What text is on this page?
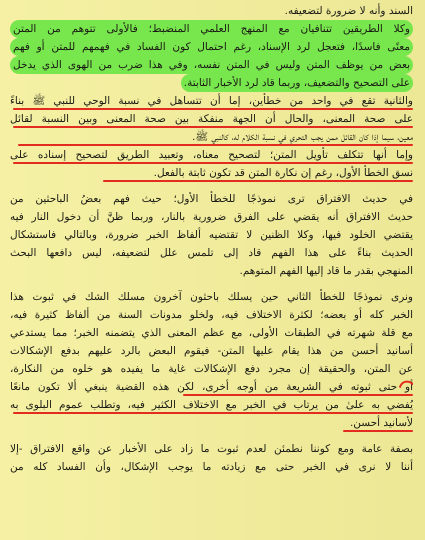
السند وأنه لا ضرورة لتضعيفه.
وكلا الطريقين تتنافيان مع المنهج العلمي المنضبط؛ فالأولى تتوهم من المتن
معنًى فاسدًا، فتعجل لرد الإسناد، رغم احتمال كون الفساد في فهمهم للمتن أو فهم
بعض من يوظف المتن وليس في المتن نفسه، وفي هذا ضرب من الهوى الذي يدخل
على التصحيح والتضعيف، وربما قاد لرد الأخبار الثابتة.
والثانية تقع في واحد من خطأين، إما أن تتساهل في نسبة الوحي للنبي ﷺ بناءً
على صحة المعنى، والحال أن الجهة منفكة بين صحة المعنى وبين النسبة لقائل
معين، سيما إذا كان القائل ممن يجب التحري في نسبة الكلام له، كالنبي ﷺ.
وإما أنها تتكلف تأويل المتن؛ لتصحيح معناه، وتعبيد الطريق لتصحيح إسناده على
نسق الخطأ الأول، رغم إن نكارة المتن قد تكون ثابتة بالفعل.
في حديث الافتراق ترى نموذجًا للخطأ الأول؛ حيث فهم بعضُ الباحثين من
حديث الافتراق أنه يقضي على الفرق ضرورية بالنار، وربما ظنَّ أن دخول النار فيه
يقتضي الخلود فيها، وكلا الظنين لا تقتضيه ألفاظ الخبر ضرورة، وبالتالي فاستشكال
الحديث بناءً على هذا الفهم قاد إلى تلمس علل لتضعيفه، ليس دافعها البحث
المنهجي بقدر ما قاد إليها الفهم المتوهم.
ونرى نموذجًا للخطأ الثاني حين يسلك باحثون آخرون مسلك الشك في ثبوت هذا
الخبر كله أو بعضه؛ لكثرة الاختلاف فيه، ولخلو مدونات السنة من ألفاظ كثيرة فيه،
مع قلة شهرته في الطبقات الأولى، مع عظم المعنى الذي يتضمنه الخبر؛ مما يستدعي
أسانيد أحسن من هذا يقام عليها المتن- فيقوم البعض بالرد عليهم بدفع الإشكالات
عن المتن، والحقيقة إن مجرد دفع الإشكالات غاية ما يفيده هو خلوه من النكارة،
أو حتى ثبوته في الشريعة من أوجه أخرى، لكن هذه القضية ينبغي ألا تكون مانعًا
يُفضي به علىٰ من يرتاب في الخبر مع الاختلاف الكثير فيه، وتطلب عموم البلوى به
لأسانيد أحسن.
بصفة عامة ومع كوننا نطمئن لعدم ثبوت ما زاد على الأخبار عن واقع الافتراق -إلا
أننا لا نرى في الخبر حتى مع زيادته ما يوجب الإشكال، وأن الفساد كله من
